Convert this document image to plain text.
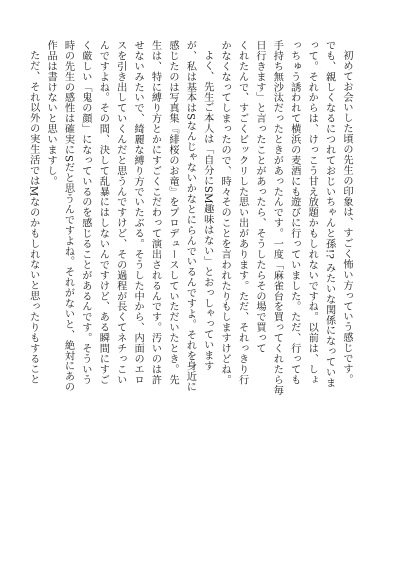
初めてお会いした頃の先生の印象は、すごく怖い方っていう感じです。
でも、親しくなるにつれておじいちゃんと孫!? みたいな関係になっていま
って。それからは、けっこう甘え放題かもしれないですね。以前は、しょ
っちゅう誘われて横浜の麦酒にも遊びに行っていました。ただ、行っても
手持ち無沙汰だったときがあったんです。一度「麻雀台を買ってくれたら毎
日行きます」と言ったことがあったら、そうしたらその場で買って
くれたんで、すごくビックリした思い出があります。ただ、それっきり行
かなくなってしまったので、時々そのことを言われたりもしますけどね。
よく、先生ご本人は「自分にSM趣味はない」とおっしゃっています
が、私は基本はSなんじゃないかなとにらんでいるんですよ。それを身近に
感じたのは写真集『緋桜のお竜』をプロデュースしていただいたとき。先
生は、特に縛り方とかにすごくこだわって演出されるんです。汚いのは許
せないみたいで、綺麗な縛り方でいたぶる。そうした中から、内面のエロ
スを引き出していくんだと思うんですけど、その過程が長くてネチっこい
んですよね。その間、決して乱暴にはしないんですけど、ある瞬間にすご
く厳しい「鬼の顔」になっているのを感じることがあるんです。そういう
時の先生の感性は確実にSだと思うんですよね。それがないと、絶対にあの
作品は書けないと思いますし。
ただ、それ以外の実生活ではMなのかもしれないと思ったりもすること
